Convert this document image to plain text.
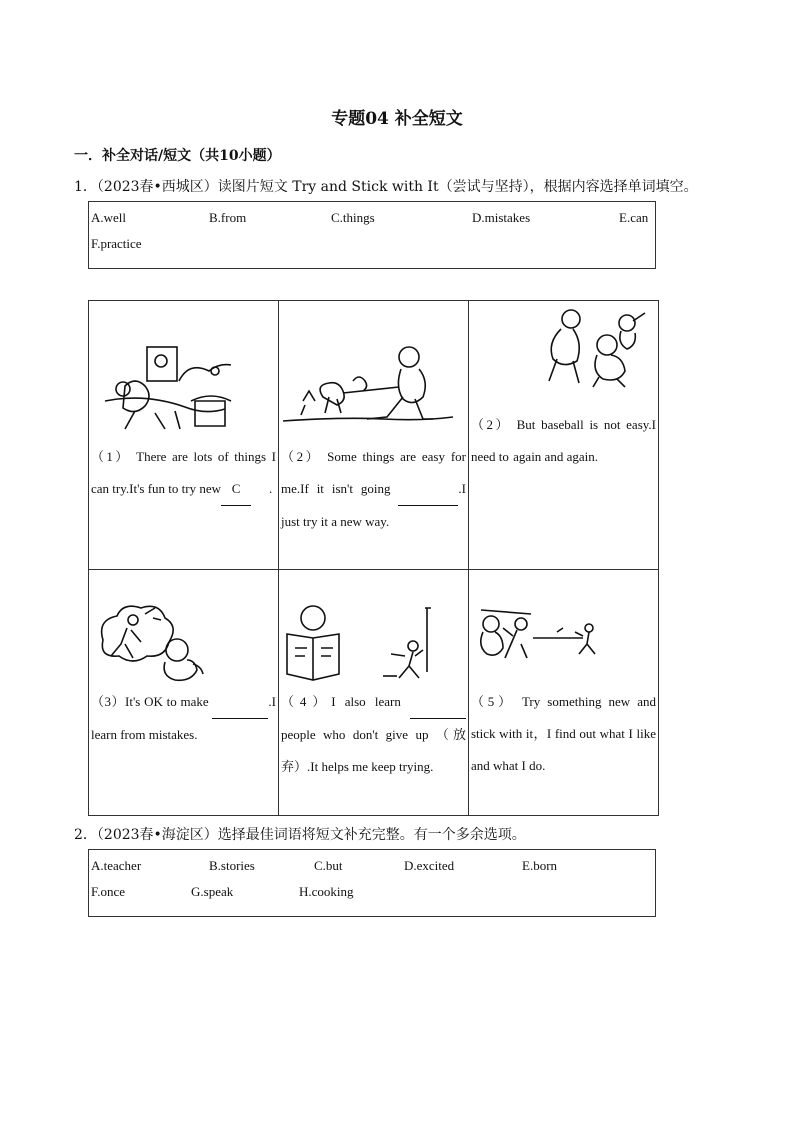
专题04 补全短文
一．补全对话/短文（共10小题）
1．（2023春•西城区）读图片短文 Try and Stick with It（尝试与坚持），根据内容选择单词填空。
A.well	B.from	C.things	D.mistakes	E.can
F.practice
（1） There are lots of things I can try.It's fun to try new C .	（2） Some things are easy for me.If it isn't going .I just try it a new way.	（2） But baseball is not easy.I need to again and again.

（3）It's OK to make .I learn from mistakes.	（4）I also learn   people who don't give up （放弃）.It helps me keep trying.	（5） Try something new and stick with it，I find out what I like and what I do.
2．（2023春•海淀区）选择最佳词语将短文补充完整。有一个多余选项。
A.teacher	B.stories	C.but	D.excited	E.born
F.once	G.speak	H.cooking
